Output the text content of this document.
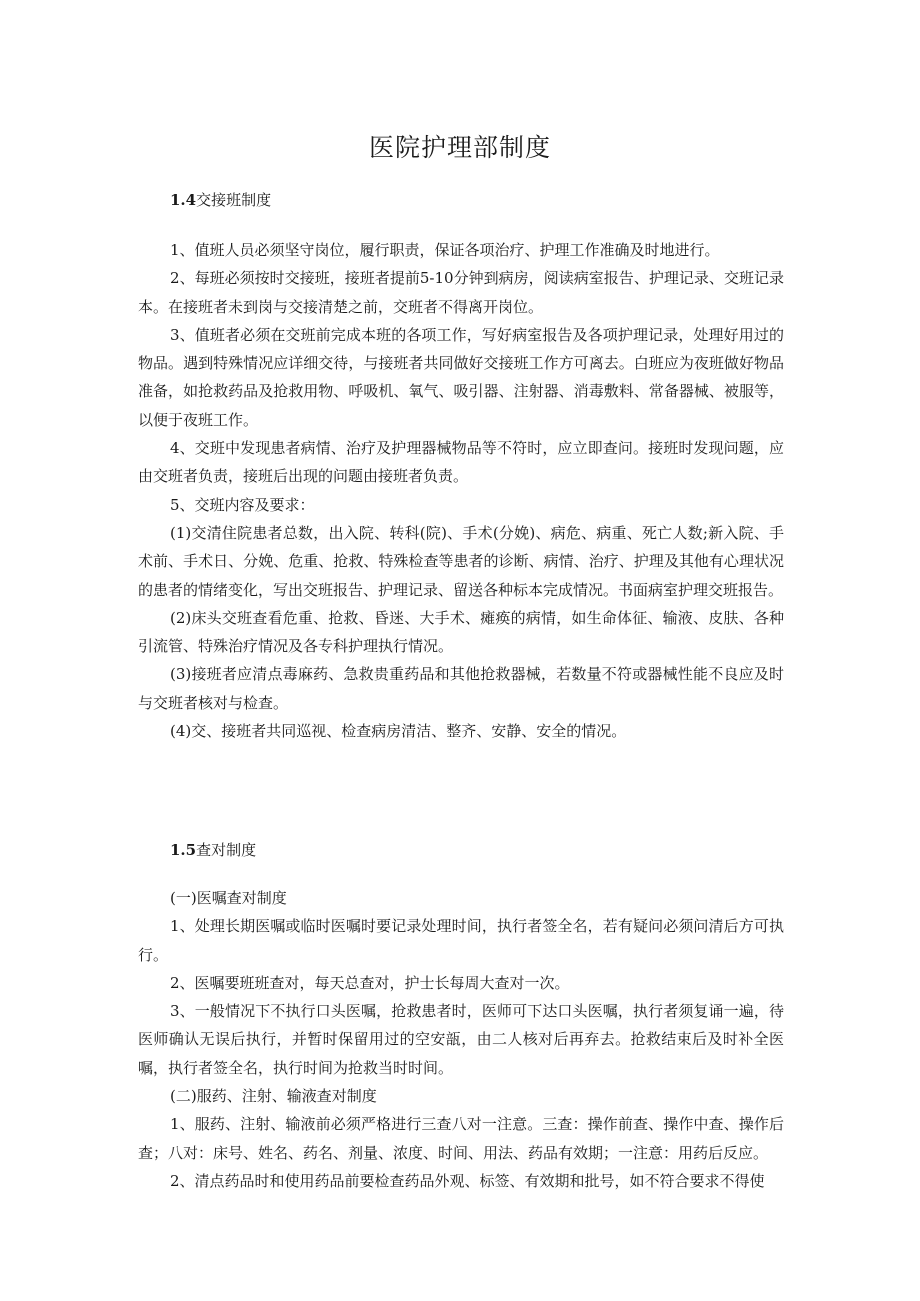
医院护理部制度
1.4交接班制度

1、值班人员必须坚守岗位，履行职责，保证各项治疗、护理工作准确及时地进行。

2、每班必须按时交接班，接班者提前5-10分钟到病房，阅读病室报告、护理记录、交班记录本。在接班者未到岗与交接清楚之前，交班者不得离开岗位。

3、值班者必须在交班前完成本班的各项工作，写好病室报告及各项护理记录，处理好用过的物品。遇到特殊情况应详细交待，与接班者共同做好交接班工作方可离去。白班应为夜班做好物品准备，如抢救药品及抢救用物、呼吸机、氧气、吸引器、注射器、消毒敷料、常备器械、被服等，以便于夜班工作。

4、交班中发现患者病情、治疗及护理器械物品等不符时，应立即查问。接班时发现问题，应由交班者负责，接班后出现的问题由接班者负责。

5、交班内容及要求：

(1)交清住院患者总数，出入院、转科(院)、手术(分娩)、病危、病重、死亡人数;新入院、手术前、手术日、分娩、危重、抢救、特殊检查等患者的诊断、病情、治疗、护理及其他有心理状况的患者的情绪变化，写出交班报告、护理记录、留送各种标本完成情况。书面病室护理交班报告。

(2)床头交班查看危重、抢救、昏迷、大手术、瘫痪的病情，如生命体征、输液、皮肤、各种引流管、特殊治疗情况及各专科护理执行情况。

(3)接班者应清点毒麻药、急救贵重药品和其他抢救器械，若数量不符或器械性能不良应及时与交班者核对与检查。

(4)交、接班者共同巡视、检查病房清洁、整齐、安静、安全的情况。

1.5查对制度

(一)医嘱查对制度

1、处理长期医嘱或临时医嘱时要记录处理时间，执行者签全名，若有疑问必须问清后方可执行。

2、医嘱要班班查对，每天总查对，护士长每周大查对一次。

3、一般情况下不执行口头医嘱，抢救患者时，医师可下达口头医嘱，执行者须复诵一遍，待医师确认无误后执行，并暂时保留用过的空安瓿，由二人核对后再弃去。抢救结束后及时补全医嘱，执行者签全名，执行时间为抢救当时时间。

(二)服药、注射、输液查对制度

1、服药、注射、输液前必须严格进行三查八对一注意。三查：操作前查、操作中查、操作后查；八对：床号、姓名、药名、剂量、浓度、时间、用法、药品有效期；一注意：用药后反应。

2、清点药品时和使用药品前要检查药品外观、标签、有效期和批号，如不符合要求不得使
